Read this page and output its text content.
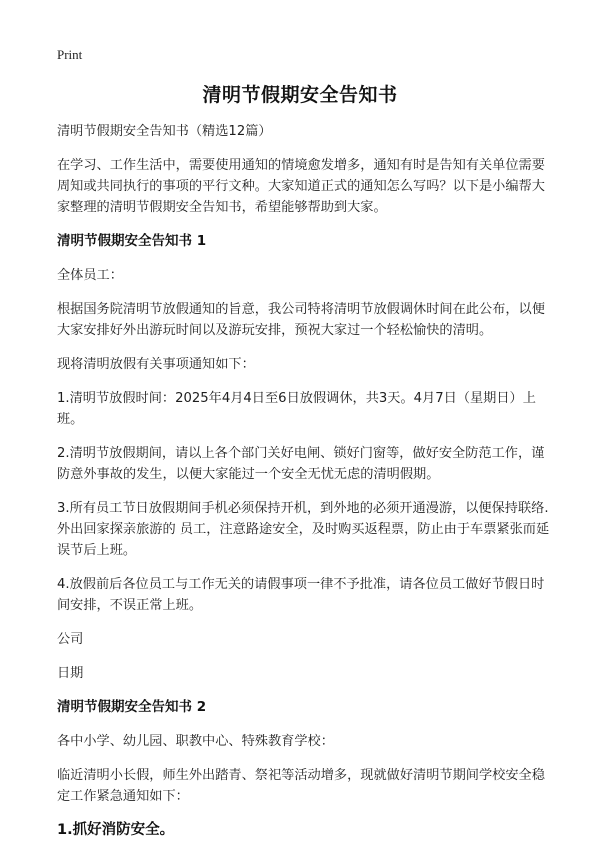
Print
清明节假期安全告知书

清明节假期安全告知书（精选12篇）

在学习、工作生活中，需要使用通知的情境愈发增多，通知有时是告知有关单位需要周知或共同执行的事项的平行文种。大家知道正式的通知怎么写吗？以下是小编帮大家整理的清明节假期安全告知书，希望能够帮助到大家。

清明节假期安全告知书 1

全体员工：

根据国务院清明节放假通知的旨意，我公司特将清明节放假调休时间在此公布，以便大家安排好外出游玩时间以及游玩安排，预祝大家过一个轻松愉快的清明。

现将清明放假有关事项通知如下：

1.清明节放假时间：2025年4月4日至6日放假调休，共3天。4月7日（星期日）上班。

2.清明节放假期间，请以上各个部门关好电闸、锁好门窗等，做好安全防范工作，谨防意外事故的发生，以便大家能过一个安全无忧无虑的清明假期。

3.所有员工节日放假期间手机必须保持开机，到外地的必须开通漫游，以便保持联络.外出回家探亲旅游的 员工，注意路途安全，及时购买返程票，防止由于车票紧张而延误节后上班。

4.放假前后各位员工与工作无关的请假事项一律不予批准，请各位员工做好节假日时间安排，不误正常上班。

公司

日期

清明节假期安全告知书 2

各中小学、幼儿园、职教中心、特殊教育学校：

临近清明小长假，师生外出踏青、祭祀等活动增多，现就做好清明节期间学校安全稳定工作紧急通知如下：

1.抓好消防安全。
